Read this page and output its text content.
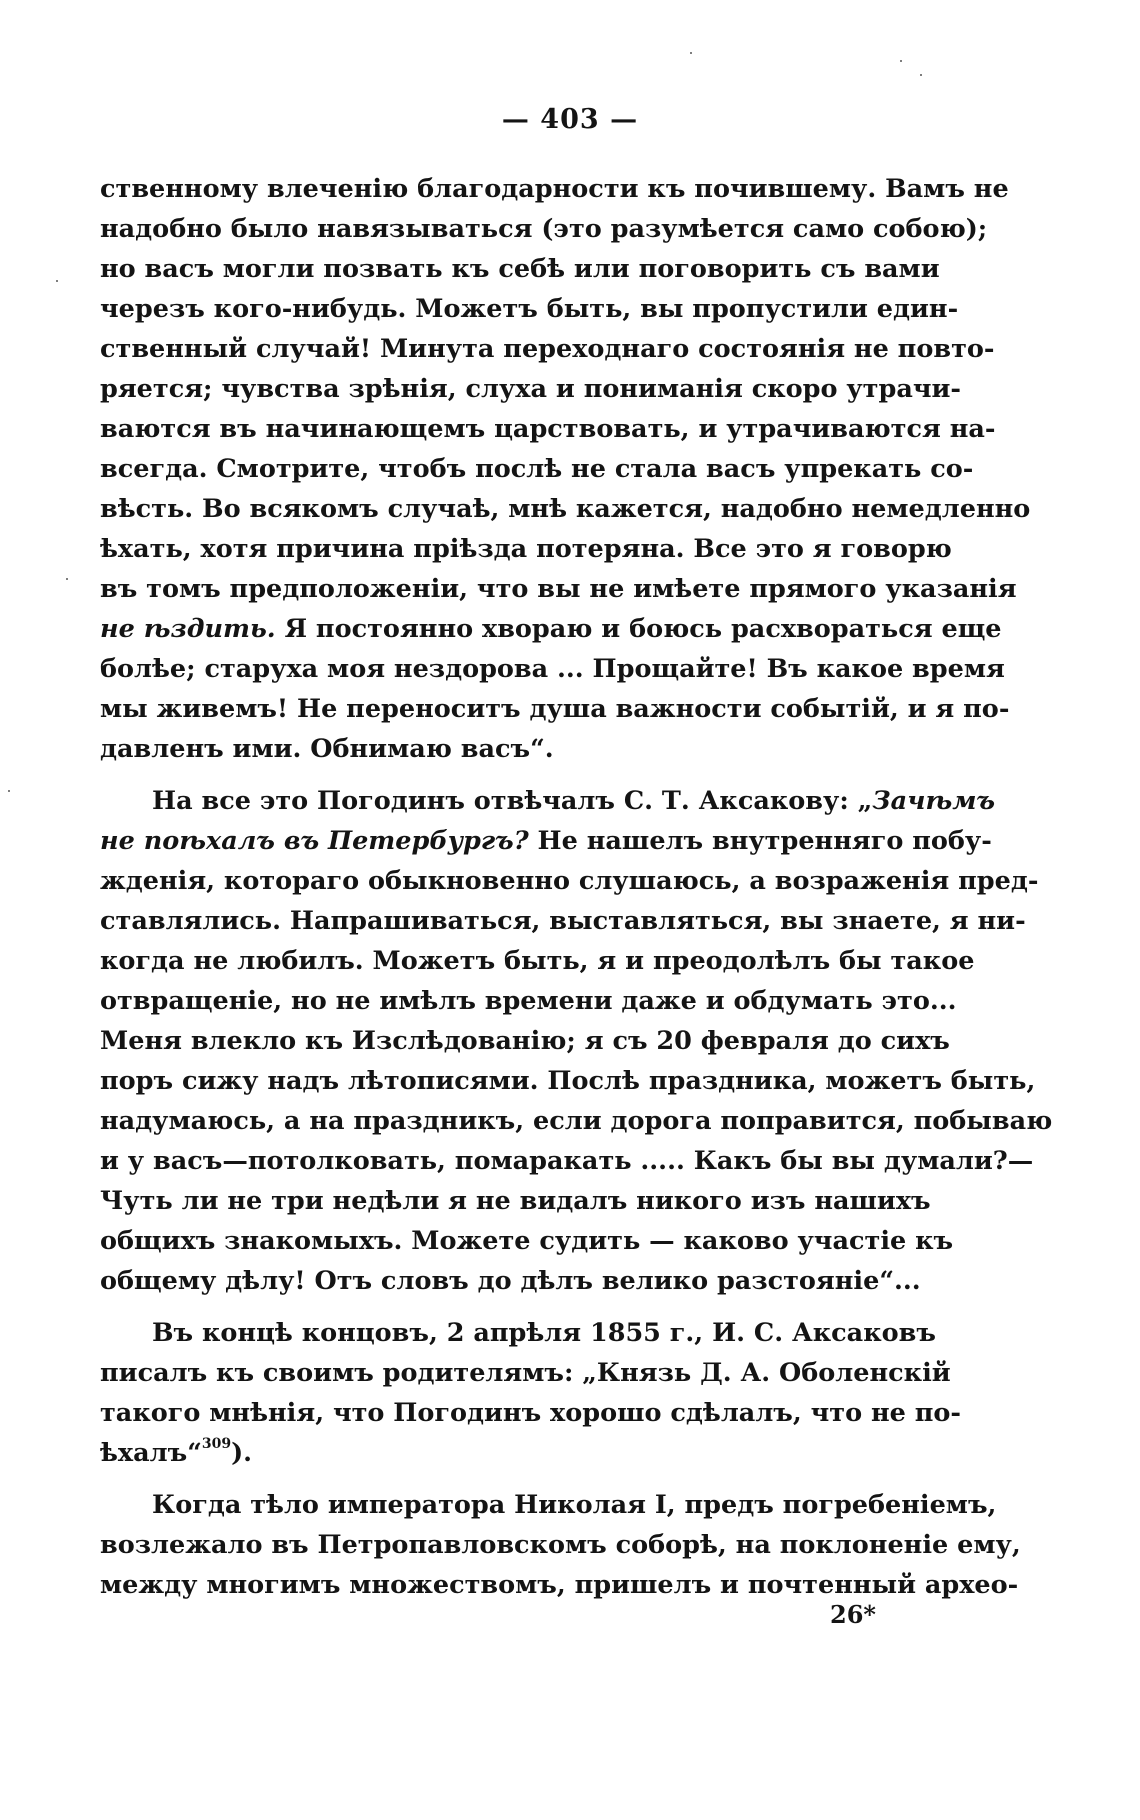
— 403 —
ственному влеченію благодарности къ почившему. Вамъ не
надобно было навязываться (это разумѣется само собою);
но васъ могли позвать къ себѣ или поговорить съ вами
черезъ кого-нибудь. Можетъ быть, вы пропустили един-
ственный случай! Минута переходнаго состоянія не повто-
ряется; чувства зрѣнія, слуха и пониманія скоро утрачи-
ваются въ начинающемъ царствовать, и утрачиваются на-
всегда. Смотрите, чтобъ послѣ не стала васъ упрекать со-
вѣсть. Во всякомъ случаѣ, мнѣ кажется, надобно немедленно
ѣхать, хотя причина пріѣзда потеряна. Все это я говорю
въ томъ предположеніи, что вы не имѣете прямого указанія
не ѣздить. Я постоянно хвораю и боюсь расхвораться еще
болѣе; старуха моя нездорова ... Прощайте! Въ какое время
мы живемъ! Не переноситъ душа важности событій, и я по-
давленъ ими. Обнимаю васъ“.
На все это Погодинъ отвѣчалъ С. Т. Аксакову: „Зачѣмъ
не поѣхалъ въ Петербургъ? Не нашелъ внутренняго побу-
жденія, котораго обыкновенно слушаюсь, а возраженія пред-
ставлялись. Напрашиваться, выставляться, вы знаете, я ни-
когда не любилъ. Можетъ быть, я и преодолѣлъ бы такое
отвращеніе, но не имѣлъ времени даже и обдумать это...
Меня влекло къ Изслѣдованію; я съ 20 февраля до сихъ
поръ сижу надъ лѣтописями. Послѣ праздника, можетъ быть,
надумаюсь, а на праздникъ, если дорога поправится, побываю
и у васъ—потолковать, помаракать ..... Какъ бы вы думали?—
Чуть ли не три недѣли я не видалъ никого изъ нашихъ
общихъ знакомыхъ. Можете судить — каково участіе къ
общему дѣлу! Отъ словъ до дѣлъ велико разстояніе“...
Въ концѣ концовъ, 2 апрѣля 1855 г., И. С. Аксаковъ
писалъ къ своимъ родителямъ: „Князь Д. А. Оболенскій
такого мнѣнія, что Погодинъ хорошо сдѣлалъ, что не по-
ѣхалъ“$^{309}$).
Когда тѣло императора Николая I, предъ погребеніемъ,
возлежало въ Петропавловскомъ соборѣ, на поклоненіе ему,
между многимъ множествомъ, пришелъ и почтенный архео-
26*
